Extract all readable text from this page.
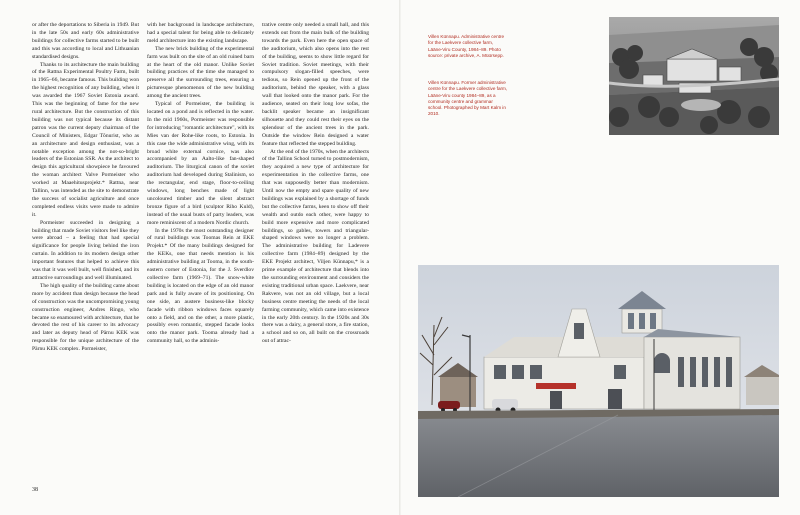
or after the deportations to Siberia in 1949. But in the late 50s and early 60s administrative buildings for collective farms started to be built and this was according to local and Lithuanian standardised designs.

Thanks to its architecture the main building of the Rattna Experimental Poultry Farm, built in 1965–66, became famous. This building won the highest recognition of any building, when it was awarded the 1967 Soviet Estonia award. This was the beginning of fame for the new rural architecture. But the construction of this building was not typical because its distant patron was the current deputy chairman of the Council of Ministers, Edgar Tõnurist, who as an architecture and design enthusiast, was a notable exception among the not-so-bright leaders of the Estonian SSR. As the architect to design this agricultural showpiece he favoured the woman architect Valve Pormeister who worked at Maaehitusprojekt.* Rattna, near Tallinn, was intended as the site to demonstrate the success of socialist agriculture and once completed endless visits were made to admire it.

Pormeister succeeded in designing a building that made Soviet visitors feel like they were abroad – a feeling that had special significance for people living behind the iron curtain. In addition to its modern design other important features that helped to achieve this was that it was well built, well finished, and its attractive surroundings and well illuminated.

The high quality of the building came about more by accident than design because the head of construction was the uncompromising young construction engineer, Andres Ringo, who became so enamoured with architecture, that he devoted the rest of his career to its advocacy and later as deputy head of Pärnu KEK was responsible for the unique architecture of the Pärnu KEK complex. Pormeister,

with her background in landscape architecture, had a special talent for being able to delicately meld architecture into the existing landscape.

The new brick building of the experimental farm was built on the site of an old ruined barn at the heart of the old manor. Unlike Soviet building practices of the time she managed to preserve all the surrounding trees, ensuring a picturesque phenomenon of the new building among the ancient trees.

Typical of Pormeister, the building is located on a pond and is reflected in the water. In the mid 1960s, Pormeister was responsible for introducing "romantic architecture", with its Mies van der Rohe-like roots, to Estonia. In this case the wide administrative wing, with its broad white external cornice, was also accompanied by an Aalto-like fan-shaped auditorium. The liturgical canon of the soviet auditorium had developed during Stalinism, so the rectangular, end stage, floor-to-ceiling windows, long benches made of light uncoloured timber and the silent abstract bronze figure of a bird (sculptor Riho Kuld), instead of the usual busts of party leaders, was more reminiscent of a modern Nordic church.

In the 1970s the most outstanding designer of rural buildings was Toomas Rein at EKE Projekt.* Of the many buildings designed for the KEKs, one that needs mention is his administrative building at Tooma, in the south-eastern corner of Estonia, for the J. Sverdlov collective farm (1969–71). The snow-white building is located on the edge of an old manor park and is fully aware of its positioning. On one side, an austere business-like blocky facade with ribbon windows faces squarely onto a field, and on the other, a more plastic, possibly even romantic, stepped facade looks onto the manor park. Tooma already had a community hall, so the adminis-

trative centre only needed a small hall, and this extends out from the main bulk of the building towards the park. Even here the open space of the auditorium, which also opens into the rest of the building, seems to show little regard for Soviet tradition. Soviet meetings, with their compulsory slogan-filled speeches, were tedious, so Rein opened up the front of the auditorium, behind the speaker, with a glass wall that looked onto the manor park. For the audience, seated on their long low sofas, the backlit speaker became an insignificant silhouette and they could rest their eyes on the splendour of the ancient trees in the park. Outside the window Rein designed a water feature that reflected the stepped building.

At the end of the 1970s, when the architects of the Tallinn School turned to postmodernism, they acquired a new type of architecture for experimentation in the collective farms, one that was supposedly better than modernism. Until now the empty and spare quality of new buildings was explained by a shortage of funds but the collective farms, keen to show off their wealth and outdo each other, were happy to build more expensive and more complicated buildings, so gables, towers and triangular-shaped windows were no longer a problem. The administrative building for Ladevere collective farm (1984–89) designed by the EKE Projekt architect, Viljen Künnapu,* is a prime example of architecture that blends into the surrounding environment and considers the existing traditional urban space. Laekvere, near Rakvere, was not an old village, but a local business centre meeting the needs of the local farming community, which came into existence in the early 20th century. In the 1920s and 30s there was a dairy, a general store, a fire station, a school and so on, all built on the crossroads out of attrac-

38
Villen Künnapu. Administrative centre for the Laekvere collective farm, Lääne-Viru County, 1984–89. Photo source: private archive, A. Müürsepp.
Villen Künnapu. Former administrative centre for the Laekvere collective farm, Lääne-Viru county 1984–89, as a community centre and grammar school. Photographed by Mart Kalm in 2010.
